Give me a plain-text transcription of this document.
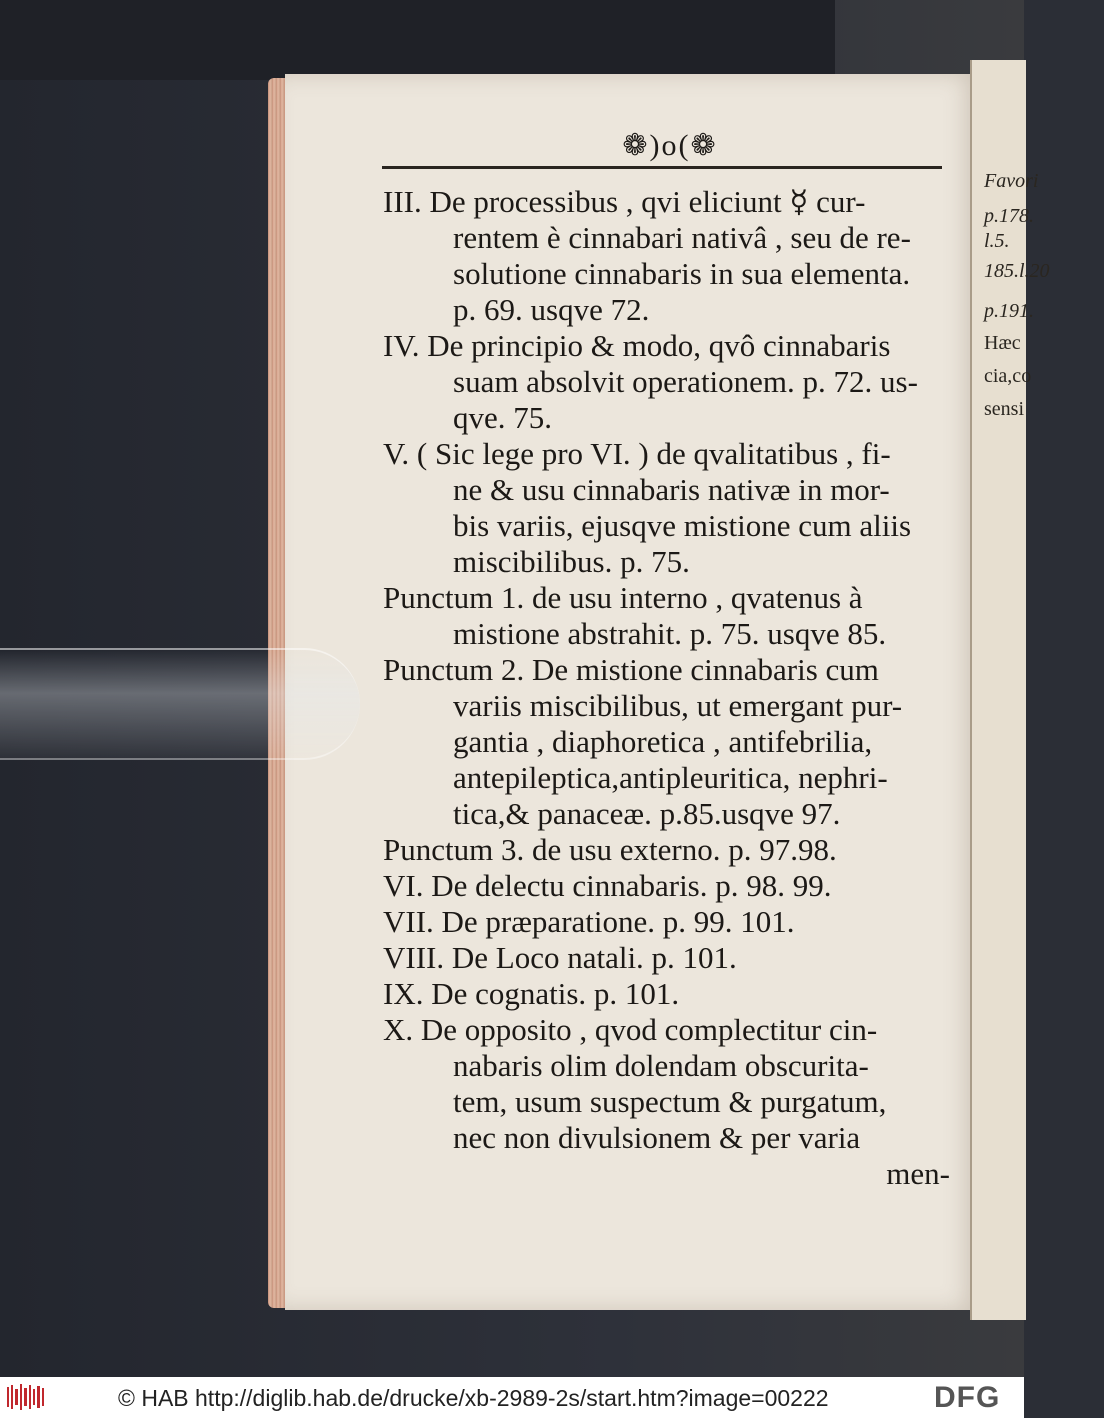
Favori
p.178.
l.5.
185.l.20
p.191.
Hæc
cia,co
sensi
❁)o(❁
III. De processibus , qvi eliciunt ☿ cur-
rentem è cinnabari nativâ , seu de re-
solutione cinnabaris in sua elementa.
p. 69. usqve 72.
IV. De principio & modo, qvô cinnabaris
suam absolvit operationem. p. 72. us-
qve. 75.
V. ( Sic lege pro VI. ) de qvalitatibus , fi-
ne & usu cinnabaris nativæ in mor-
bis variis, ejusqve mistione cum aliis
miscibilibus. p. 75.
Punctum 1. de usu interno , qvatenus à
mistione abstrahit. p. 75. usqve 85.
Punctum 2. De mistione cinnabaris cum
variis miscibilibus, ut emergant pur-
gantia , diaphoretica , antifebrilia,
antepileptica,antipleuritica, nephri-
tica,& panaceæ. p.85.usqve 97.
Punctum 3. de usu externo. p. 97.98.
VI. De delectu cinnabaris. p. 98. 99.
VII. De præparatione. p. 99. 101.
VIII. De Loco natali. p. 101.
IX. De cognatis. p. 101.
X. De opposito , qvod complectitur cin-
nabaris olim dolendam obscurita-
tem, usum suspectum & purgatum,
nec non divulsionem & per varia
men-
© HAB http://diglib.hab.de/drucke/xb-2989-2s/start.htm?image=00222	DFG
